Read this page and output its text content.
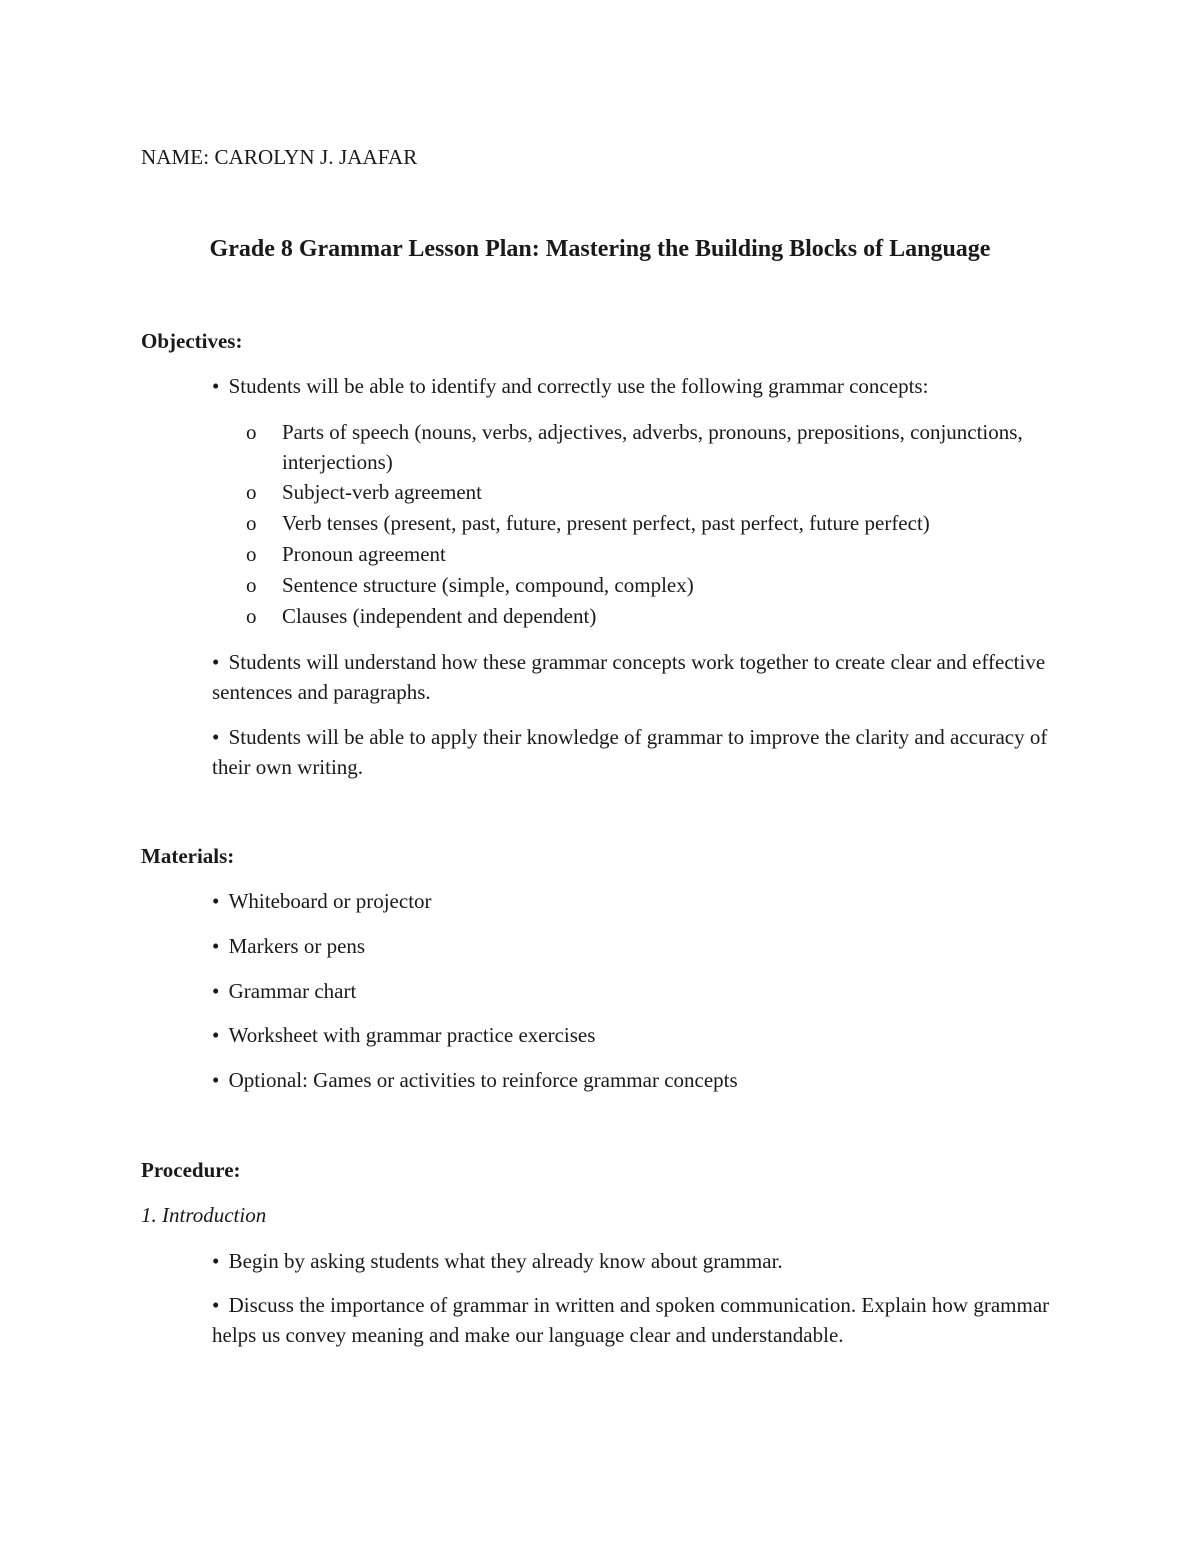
NAME: CAROLYN J. JAAFAR
Grade 8 Grammar Lesson Plan: Mastering the Building Blocks of Language
Objectives:
• Students will be able to identify and correctly use the following grammar concepts:
o	Parts of speech (nouns, verbs, adjectives, adverbs, pronouns, prepositions, conjunctions, interjections)
o	Subject-verb agreement
o	Verb tenses (present, past, future, present perfect, past perfect, future perfect)
o	Pronoun agreement
o	Sentence structure (simple, compound, complex)
o	Clauses (independent and dependent)
• Students will understand how these grammar concepts work together to create clear and effective sentences and paragraphs.
• Students will be able to apply their knowledge of grammar to improve the clarity and accuracy of their own writing.
Materials:
• Whiteboard or projector
• Markers or pens
• Grammar chart
• Worksheet with grammar practice exercises
• Optional: Games or activities to reinforce grammar concepts
Procedure:
1. Introduction
• Begin by asking students what they already know about grammar.
• Discuss the importance of grammar in written and spoken communication. Explain how grammar helps us convey meaning and make our language clear and understandable.
